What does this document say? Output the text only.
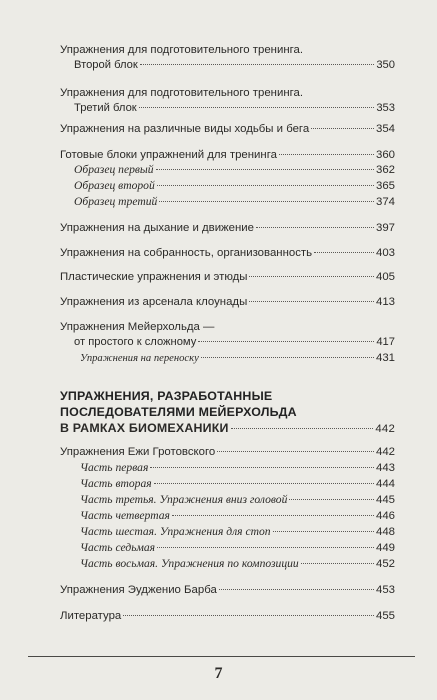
Упражнения для подготовительного тренинга.
Второй блок	350
Упражнения для подготовительного тренинга.
Третий блок	353
Упражнения на различные виды ходьбы и бега	354
Готовые блоки упражнений для тренинга	360
Образец первый	362
Образец второй	365
Образец третий	374
Упражнения на дыхание и движение	397
Упражнения на собранность, организованность	403
Пластические упражнения и этюды	405
Упражнения из арсенала клоунады	413
Упражнения Мейерхольда —
от простого к сложному	417
Упражнения на переноску	431
УПРАЖНЕНИЯ, РАЗРАБОТАННЫЕ
ПОСЛЕДОВАТЕЛЯМИ МЕЙЕРХОЛЬДА
В РАМКАХ БИОМЕХАНИКИ	442
Упражнения Ежи Гротовского	442
Часть первая	443
Часть вторая	444
Часть третья. Упражнения вниз головой	445
Часть четвертая	446
Часть шестая. Упражнения для стоп	448
Часть седьмая	449
Часть восьмая. Упражнения по композиции	452
Упражнения Эудженио Барба	453
Литература	455
7
